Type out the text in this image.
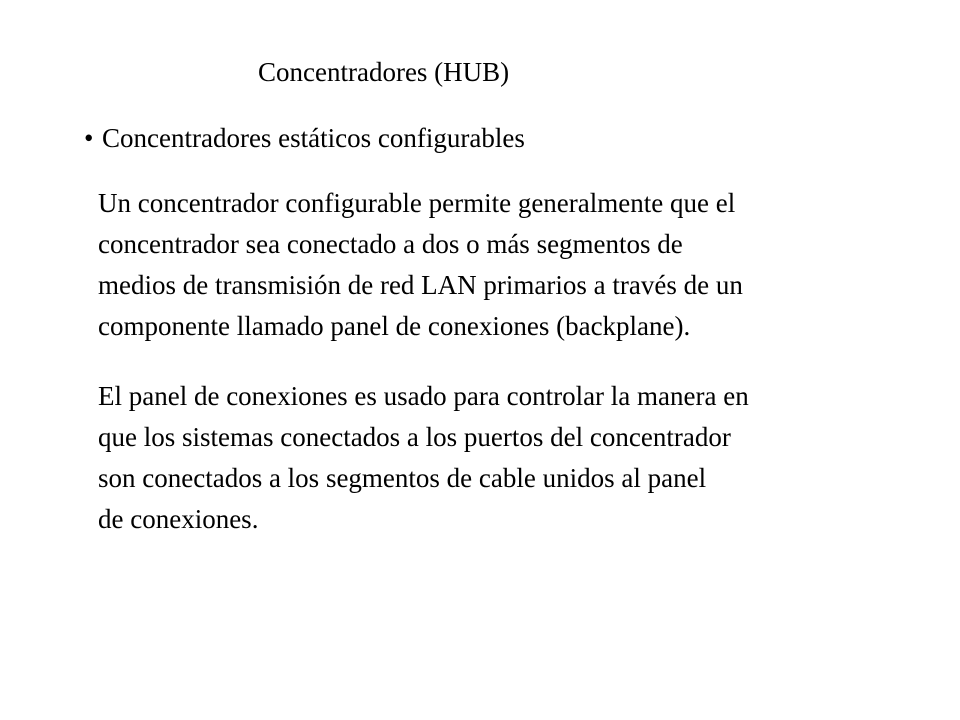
Concentradores (HUB)
• Concentradores estáticos configurables
Un concentrador configurable permite generalmente que el
concentrador sea conectado a dos o más segmentos de
medios de transmisión de red LAN primarios a través de un
componente llamado panel de conexiones (backplane).
El panel de conexiones es usado para controlar la manera en
que los sistemas conectados a los puertos del concentrador
son conectados a los segmentos de cable unidos al panel
de conexiones.
